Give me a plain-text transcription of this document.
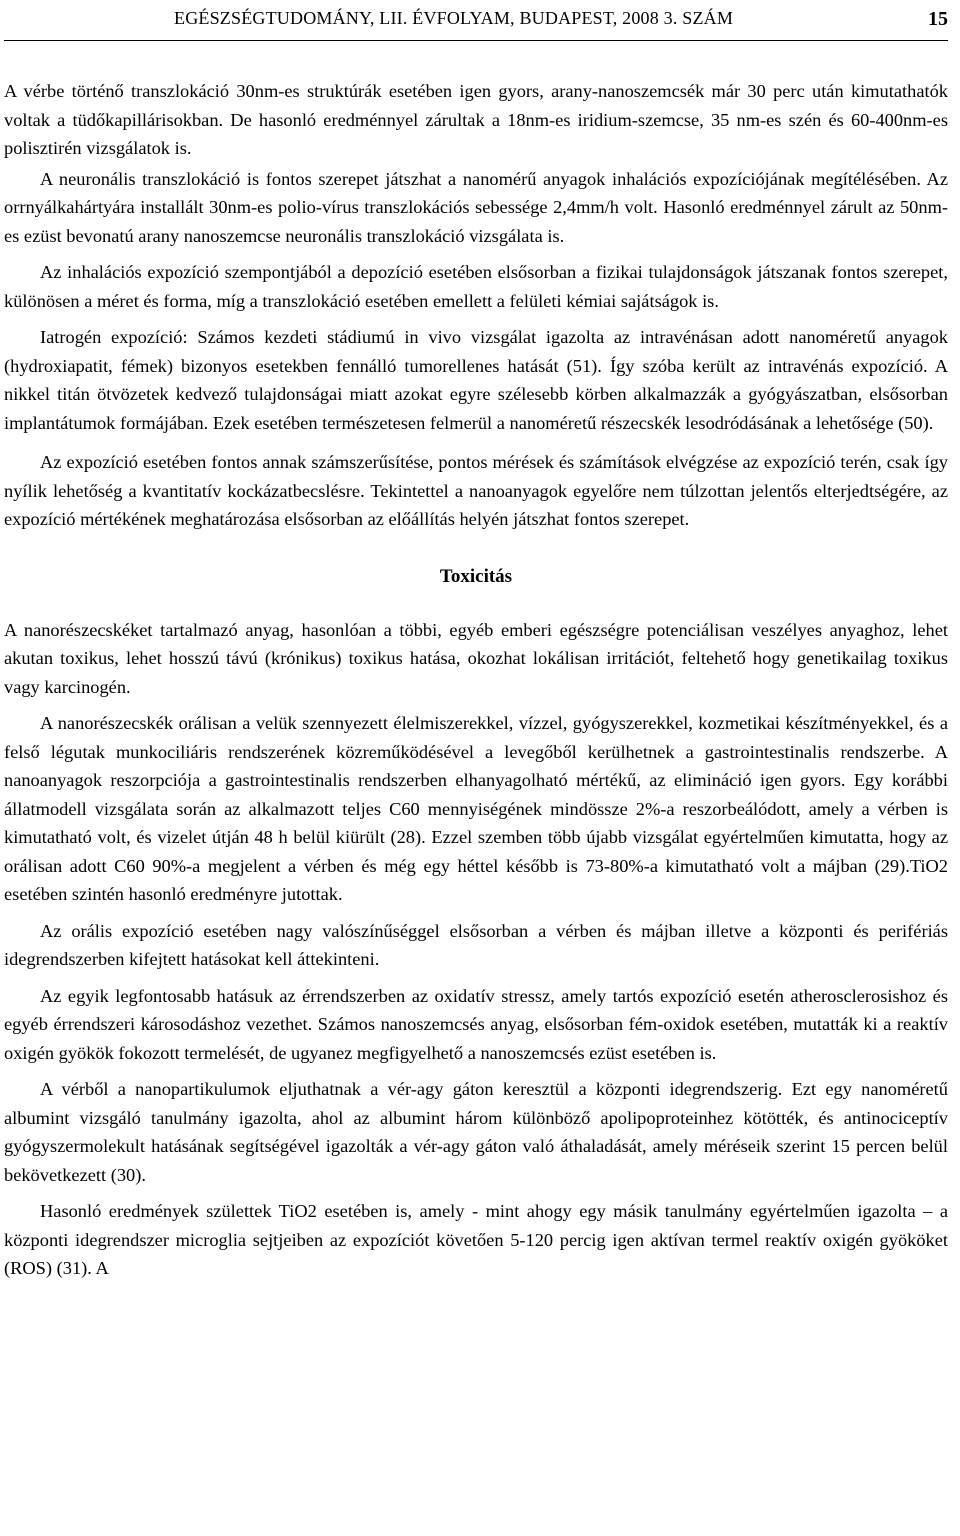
EGÉSZSÉGTUDOMÁNY, LII. ÉVFOLYAM, BUDAPEST, 2008 3. SZÁM	15

A vérbe történő transzlokáció 30nm-es struktúrák esetében igen gyors, arany-nanoszemcsék már 30 perc után kimutathatók voltak a tüdőkapillárisokban. De hasonló eredménnyel zárultak a 18nm-es iridium-szemcse, 35 nm-es szén és 60-400nm-es polisztirén vizsgálatok is.

A neuronális transzlokáció is fontos szerepet játszhat a nanomérű anyagok inhalációs expozíciójának megítélésében. Az orrnyálkahártyára installált 30nm-es polio-vírus transzlokációs sebessége 2,4mm/h volt. Hasonló eredménnyel zárult az 50nm-es ezüst bevonatú arany nanoszemcse neuronális transzlokáció vizsgálata is.

Az inhalációs expozíció szempontjából a depozíció esetében elsősorban a fizikai tulajdonságok játszanak fontos szerepet, különösen a méret és forma, míg a transzlokáció esetében emellett a felületi kémiai sajátságok is.

Iatrogén expozíció: Számos kezdeti stádiumú in vivo vizsgálat igazolta az intravénásan adott nanoméretű anyagok (hydroxiapatit, fémek) bizonyos esetekben fennálló tumorellenes hatását (51). Így szóba került az intravénás expozíció. A nikkel titán ötvözetek kedvező tulajdonságai miatt azokat egyre szélesebb körben alkalmazzák a gyógyászatban, elsősorban implantátumok formájában. Ezek esetében természetesen felmerül a nanoméretű részecskék lesodródásának a lehetősége (50).

Az expozíció esetében fontos annak számszerűsítése, pontos mérések és számítások elvégzése az expozíció terén, csak így nyílik lehetőség a kvantitatív kockázatbecslésre. Tekintettel a nanoanyagok egyelőre nem túlzottan jelentős elterjedtségére, az expozíció mértékének meghatározása elsősorban az előállítás helyén játszhat fontos szerepet.

Toxicitás

A nanorészecskéket tartalmazó anyag, hasonlóan a többi, egyéb emberi egészségre potenciálisan veszélyes anyaghoz, lehet akutan toxikus, lehet hosszú távú (krónikus) toxikus hatása, okozhat lokálisan irritációt, feltehető hogy genetikailag toxikus vagy karcinogén.

A nanorészecskék orálisan a velük szennyezett élelmiszerekkel, vízzel, gyógyszerekkel, kozmetikai készítményekkel, és a felső légutak munkociliáris rendszerének közreműködésével a levegőből kerülhetnek a gastrointestinalis rendszerbe. A nanoanyagok reszorpciója a gastrointestinalis rendszerben elhanyagolható mértékű, az elimináció igen gyors. Egy korábbi állatmodell vizsgálata során az alkalmazott teljes C60 mennyiségének mindössze 2%-a reszorbeálódott, amely a vérben is kimutatható volt, és vizelet útján 48 h belül kiürült (28). Ezzel szemben több újabb vizsgálat egyértelműen kimutatta, hogy az orálisan adott C60 90%-a megjelent a vérben és még egy héttel később is 73-80%-a kimutatható volt a májban (29).TiO2 esetében szintén hasonló eredményre jutottak.

Az orális expozíció esetében nagy valószínűséggel elsősorban a vérben és májban illetve a központi és perifériás idegrendszerben kifejtett hatásokat kell áttekinteni.

Az egyik legfontosabb hatásuk az érrendszerben az oxidatív stressz, amely tartós expozíció esetén atherosclerosishoz és egyéb érrendszeri károsodáshoz vezethet. Számos nanoszemcsés anyag, elsősorban fém-oxidok esetében, mutatták ki a reaktív oxigén gyökök fokozott termelését, de ugyanez megfigyelhető a nanoszemcsés ezüst esetében is.

A vérből a nanopartikulumok eljuthatnak a vér-agy gáton keresztül a központi idegrendszerig. Ezt egy nanoméretű albumint vizsgáló tanulmány igazolta, ahol az albumint három különböző apolipoproteinhez kötötték, és antinociceptív gyógyszermolekult hatásának segítségével igazolták a vér-agy gáton való áthaladását, amely méréseik szerint 15 percen belül bekövetkezett (30).

Hasonló eredmények születtek TiO2 esetében is, amely - mint ahogy egy másik tanulmány egyértelműen igazolta – a központi idegrendszer microglia sejtjeiben az expozíciót követően 5-120 percig igen aktívan termel reaktív oxigén gyököket (ROS) (31). A
